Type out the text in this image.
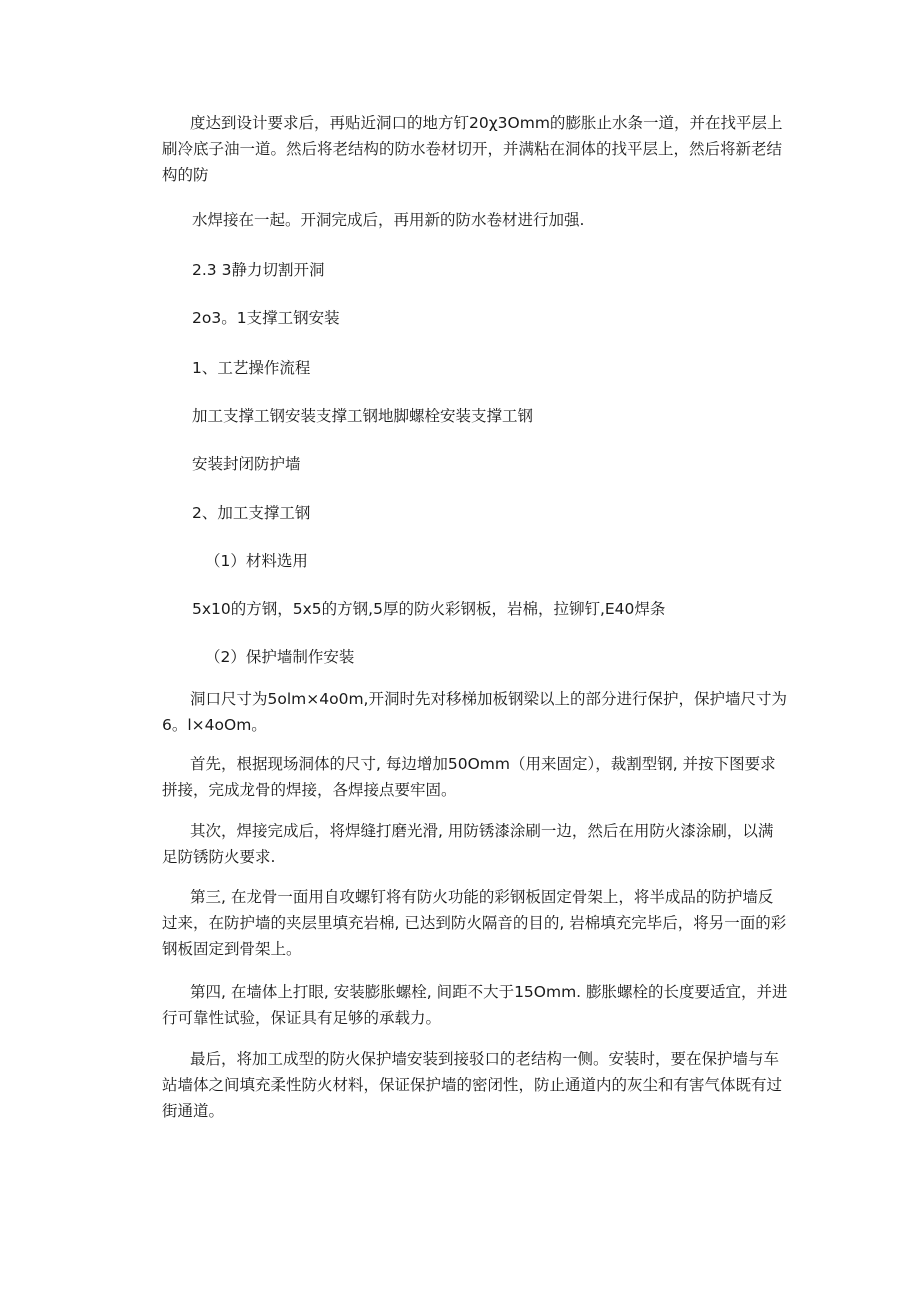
度达到设计要求后，再贴近洞口的地方钉20χ3Omm的膨胀止水条一道，并在找平层上刷冷底子油一道。然后将老结构的防水卷材切开，并满粘在洞体的找平层上，然后将新老结构的防

水焊接在一起。开洞完成后，再用新的防水卷材进行加强.

2.3 3静力切割开洞

2o3。1支撑工钢安装

1、工艺操作流程

加工支撑工钢安装支撑工钢地脚螺栓安装支撑工钢

安装封闭防护墙

2、加工支撑工钢

（1）材料选用

5x10的方钢，5x5的方钢,5厚的防火彩钢板，岩棉，拉铆钉,E40焊条

（2）保护墙制作安装

洞口尺寸为5olm×4o0m,开洞时先对移梯加板钢梁以上的部分进行保护，保护墙尺寸为6。l×4oOm。

首先，根据现场洞体的尺寸, 每边增加50Omm（用来固定），裁割型钢, 并按下图要求拼接，完成龙骨的焊接，各焊接点要牢固。

其次，焊接完成后，将焊缝打磨光滑, 用防锈漆涂刷一边，然后在用防火漆涂刷，以满足防锈防火要求.

第三, 在龙骨一面用自攻螺钉将有防火功能的彩钢板固定骨架上，将半成品的防护墙反过来，在防护墙的夹层里填充岩棉, 已达到防火隔音的目的, 岩棉填充完毕后，将另一面的彩钢板固定到骨架上。

第四, 在墙体上打眼, 安装膨胀螺栓, 间距不大于15Omm. 膨胀螺栓的长度要适宜，并进行可靠性试验，保证具有足够的承载力。

最后，将加工成型的防火保护墙安装到接驳口的老结构一侧。安装时，要在保护墙与车站墙体之间填充柔性防火材料，保证保护墙的密闭性，防止通道内的灰尘和有害气体既有过街通道。
